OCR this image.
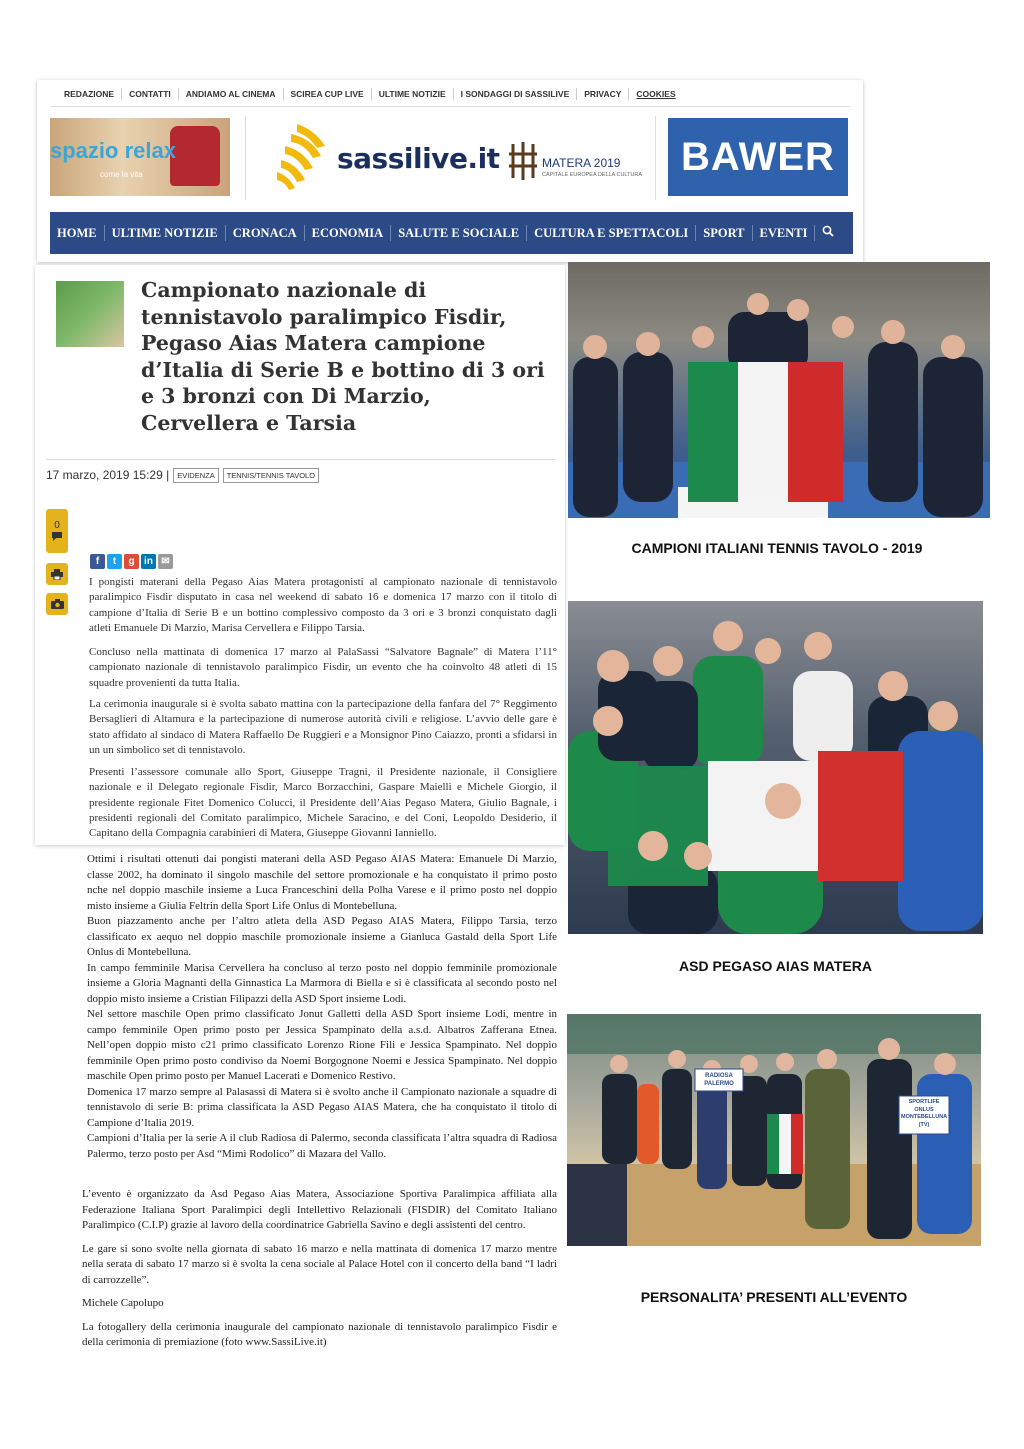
REDAZIONE	CONTATTI	ANDIAMO AL CINEMA	SCIREA CUP LIVE	ULTIME NOTIZIE	I SONDAGGI DI SASSILIVE	PRIVACY	COOKIES
spazio relax
come la vita	sassilive.it	MATERA 2019
CAPITALE EUROPEA DELLA CULTURA BAWER
HOME	ULTIME NOTIZIE	CRONACA	ECONOMIA	SALUTE E SOCIALE	CULTURA E SPETTACOLI	SPORT	EVENTI
Campionato nazionale di tennistavolo paralimpico Fisdir, Pegaso Aias Matera campione d’Italia di Serie B e bottino di 3 ori e 3 bronzi con Di Marzio, Cervellera e Tarsia
17 marzo, 2019 15:29 |	EVIDENZA	TENNIS/TENNIS TAVOLO
0
f	t	g in ✉
I pongisti materani della Pegaso Aias Matera protagonisti al campionato nazionale di tennistavolo paralimpico Fisdir disputato in casa nel weekend di sabato 16 e domenica 17 marzo con il titolo di campione d’Italia di Serie B e un bottino complessivo composto da 3 ori e 3 bronzi conquistato dagli atleti Emanuele Di Marzio, Marisa Cervellera e Filippo Tarsia.
Concluso nella mattinata di domenica 17 marzo al PalaSassi “Salvatore Bagnale” di Matera l’11° campionato nazionale di tennistavolo paralimpico Fisdir, un evento che ha coinvolto 48 atleti di 15 squadre provenienti da tutta Italia.
La cerimonia inaugurale si è svolta sabato mattina con la partecipazione della fanfara del 7° Reggimento Bersaglieri di Altamura e la partecipazione di numerose autorità civili e religiose. L’avvio delle gare è stato affidato al sindaco di Matera Raffaello De Ruggieri e a Monsignor Pino Caiazzo, pronti a sfidarsi in un un simbolico set di tennistavolo.
Presenti l’assessore comunale allo Sport, Giuseppe Tragni, il Presidente nazionale, il Consigliere nazionale e il Delegato regionale Fisdir, Marco Borzacchini, Gaspare Maielli e Michele Giorgio, il presidente regionale Fitet Domenico Colucci, il Presidente dell’Aias Pegaso Matera, Giulio Bagnale, i presidenti regionali del Comitato paralimpico, Michele Saracino, e del Coni, Leopoldo Desiderio, il Capitano della Compagnia carabinieri di Matera, Giuseppe Giovanni Ianniello.
Ottimi i risultati ottenuti dai pongisti materani della ASD Pegaso AIAS Matera: Emanuele Di Marzio, classe 2002, ha dominato il singolo maschile del settore promozionale e ha conquistato il primo posto nche nel doppio maschile insieme a Luca Franceschini della Polha Varese e il primo posto nel doppio misto insieme a Giulia Feltrin della Sport Life Onlus di Montebelluna.
Buon piazzamento anche per l’altro atleta della ASD Pegaso AIAS Matera, Filippo Tarsia, terzo classificato ex aequo nel doppio maschile promozionale insieme a Gianluca Gastald della Sport Life Onlus di Montebelluna.
In campo femminile Marisa Cervellera ha concluso al terzo posto nel doppio femminile promozionale insieme a Gloria Magnanti della Ginnastica La Marmora di Biella e si è classificata al secondo posto nel doppio misto insieme a Cristian Filipazzi della ASD Sport insieme Lodi.
Nel settore maschile Open primo classificato Jonut Galletti della ASD Sport insieme Lodi, mentre in campo femminile Open primo posto per Jessica Spampinato della a.s.d. Albatros Zafferana Etnea. Nell’open doppio misto c21 primo classificato Lorenzo Rione Fili e Jessica Spampinato. Nel doppio femminile Open primo posto condiviso da Noemi Borgognone Noemi e Jessica Spampinato. Nel doppio maschile Open primo posto per Manuel Lacerati e Domenico Restivo.
Domenica 17 marzo sempre al Palasassi di Matera si è svolto anche il Campionato nazionale a squadre di tennistavolo di serie B: prima classificata la ASD Pegaso AIAS Matera, che ha conquistato il titolo di Campione d’Italia 2019.
Campioni d’Italia per la serie A il club Radiosa di Palermo, seconda classificata l’altra squadra di Radiosa Palermo, terzo posto per Asd “Mimì Rodolico” di Mazara del Vallo.
L’evento è organizzato da Asd Pegaso Aias Matera, Associazione Sportiva Paralimpica affiliata alla Federazione Italiana Sport Paralimpici degli Intellettivo Relazionali (FISDIR) del Comitato Italiano Paralimpico (C.I.P) grazie al lavoro della coordinatrice Gabriella Savino e degli assistenti del centro.
Le gare si sono svolte nella giornata di sabato 16 marzo e nella mattinata di domenica 17 marzo mentre nella serata di sabato 17 marzo si è svolta la cena sociale al Palace Hotel con il concerto della band “I ladri di carrozzelle”.
Michele Capolupo
La fotogallery della cerimonia inaugurale del campionato nazionale di tennistavolo paralimpico Fisdir e della cerimonia di premiazione (foto www.SassiLive.it)
CAMPIONI ITALIANI TENNIS TAVOLO - 2019
ASD PEGASO AIAS MATERA
RADIOSA PALERMO
SPORTLIFE ONLUS MONTEBELLUNA (TV)
PERSONALITA’ PRESENTI ALL’EVENTO
